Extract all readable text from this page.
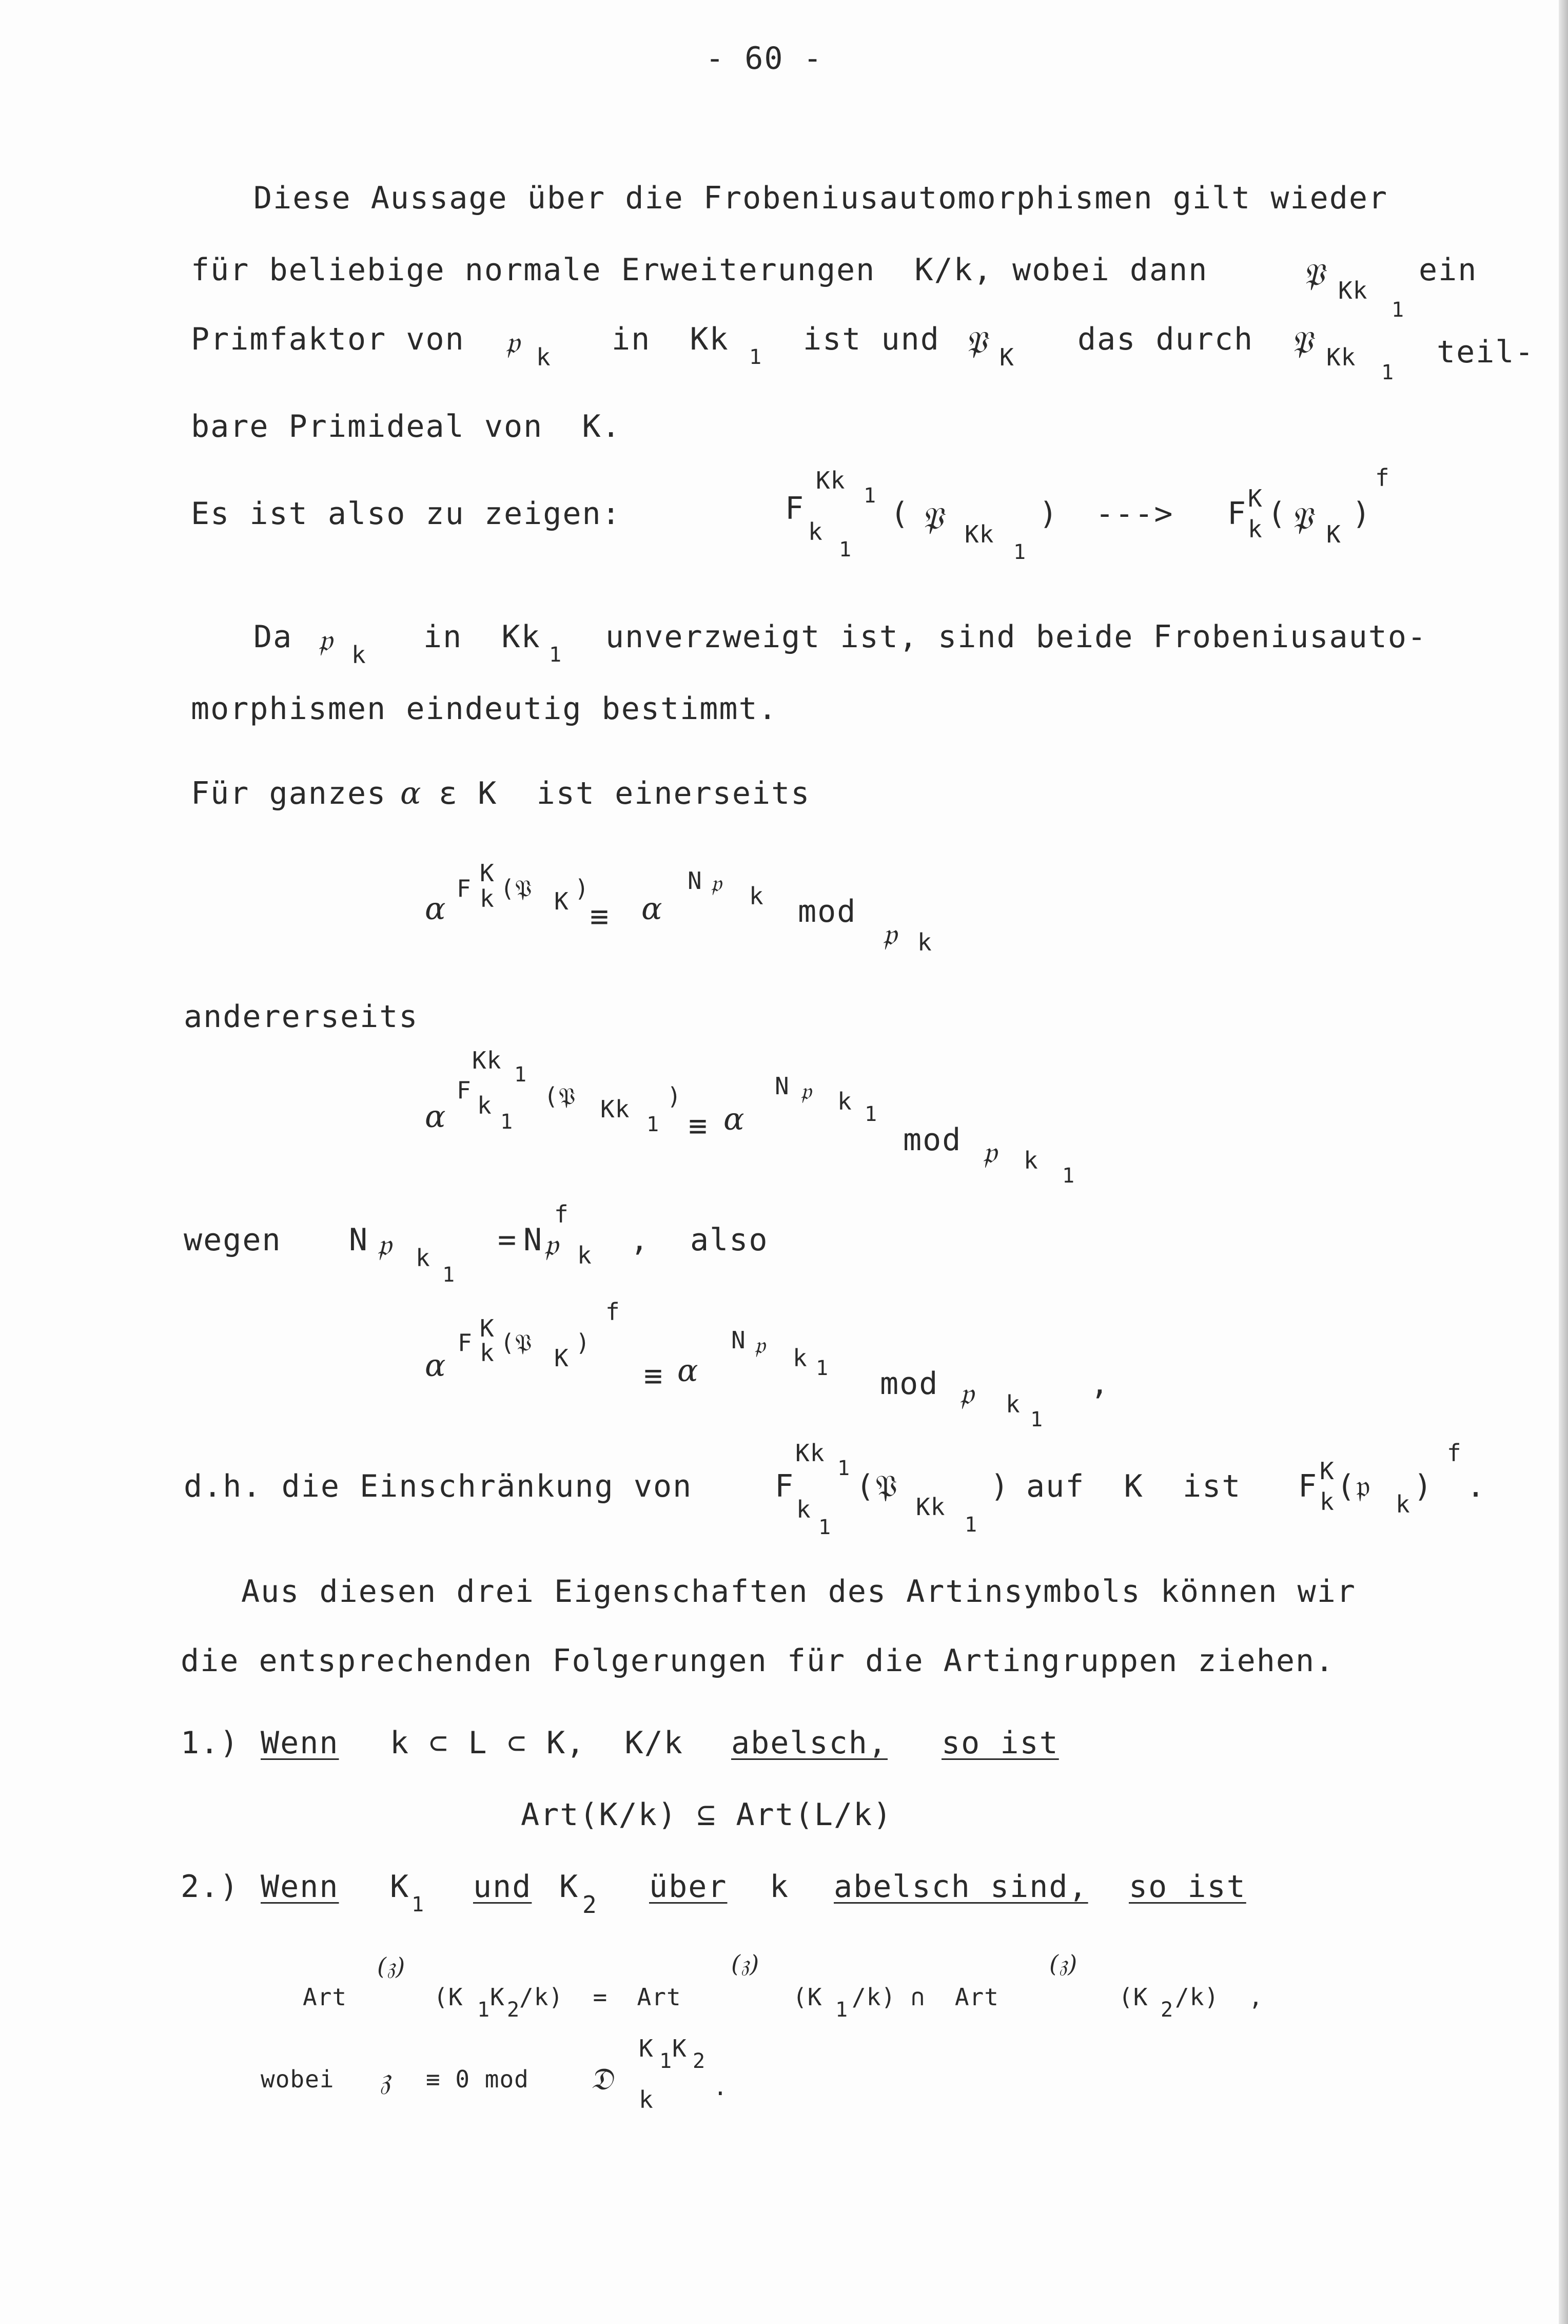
- 60 -
Diese Aussage über die Frobeniusautomorphismen gilt wieder
für beliebige normale Erweiterungen  K/k, wobei dann	𝔓 Kk
1
ein
Primfaktor von 𝔭 k in  Kk 1 ist und 𝔓 K das durch 𝔓 Kk
1
teil-
bare Primideal von  K.
Es ist also zu zeigen:
Kk
1
F
k
1
( 𝔓 Kk
1
) ---> F K
k ( 𝔓 K
)
f
Da 𝔭 k in  Kk 1 unverzweigt ist, sind beide Frobeniusauto-
morphismen eindeutig bestimmt.
Für ganzes α ε K  ist einerseits
α
F
K
k (𝔓 K )
≡ α
N 𝔭 k mod
𝔭 k
andererseits
Kk
1
F
k
1
α
(𝔓 Kk
1
)
≡ α
N 𝔭 k 1
mod 𝔭 k
1
wegen N 𝔭 k
1
= N 𝔭 k
f
, also
α
F
K
k (𝔓
K
)
f
≡ α
N 𝔭 k 1 mod 𝔭 k
1
,
d.h. die Einschränkung von
Kk
1
F
k
1
(𝔓
Kk
1
) auf  K  ist F K
k (𝔭 k )
f
.
Aus diesen drei Eigenschaften des Artinsymbols können wir
die entsprechenden Folgerungen für die Artingruppen ziehen.
1.) Wenn k ⊂ L ⊂ K,  K/k abelsch, so ist
Art(K/k) ⊆ Art(L/k)
2.) Wenn K 1 und K 2 über k abelsch sind, so ist
Art
(𝔷)
(K 1 K 2
/k)  =  Art
(𝔷)
(K 1 /k) ∩  Art
(𝔷)
(K 2 /k)  ,
wobei 𝔷 ≡ 0 mod 𝔇
K 1 K 2
k	.
